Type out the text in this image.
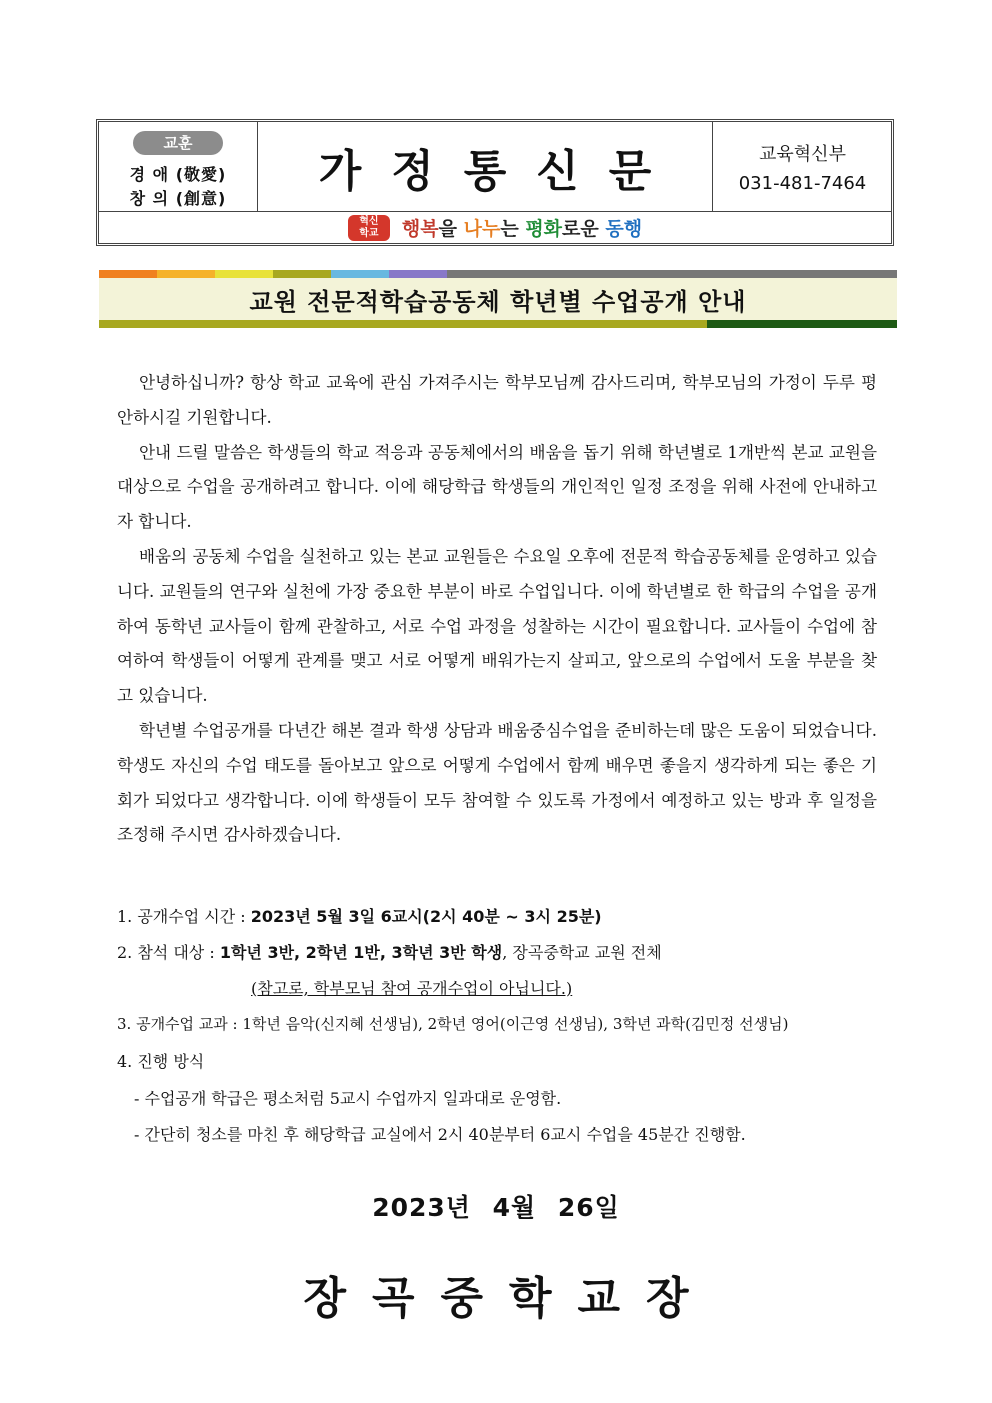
교훈
경 애 (敬愛)
창 의 (創意)
가정통신문	교육혁신부
031-481-7464
혁신
학교	행복을 나누는 평화로운 동행
교원 전문적학습공동체 학년별 수업공개 안내

안녕하십니까? 항상 학교 교육에 관심 가져주시는 학부모님께 감사드리며, 학부모님의 가정이 두루 평안하시길 기원합니다.

안내 드릴 말씀은 학생들의 학교 적응과 공동체에서의 배움을 돕기 위해 학년별로 1개반씩 본교 교원을 대상으로 수업을 공개하려고 합니다. 이에 해당학급 학생들의 개인적인 일정 조정을 위해 사전에 안내하고자 합니다.

배움의 공동체 수업을 실천하고 있는 본교 교원들은 수요일 오후에 전문적 학습공동체를 운영하고 있습니다. 교원들의 연구와 실천에 가장 중요한 부분이 바로 수업입니다. 이에 학년별로 한 학급의 수업을 공개하여 동학년 교사들이 함께 관찰하고, 서로 수업 과정을 성찰하는 시간이 필요합니다. 교사들이 수업에 참여하여 학생들이 어떻게 관계를 맺고 서로 어떻게 배워가는지 살피고, 앞으로의 수업에서 도울 부분을 찾고 있습니다.

학년별 수업공개를 다년간 해본 결과 학생 상담과 배움중심수업을 준비하는데 많은 도움이 되었습니다. 학생도 자신의 수업 태도를 돌아보고 앞으로 어떻게 수업에서 함께 배우면 좋을지 생각하게 되는 좋은 기회가 되었다고 생각합니다. 이에 학생들이 모두 참여할 수 있도록 가정에서 예정하고 있는 방과 후 일정을 조정해 주시면 감사하겠습니다.

1. 공개수업 시간 : 2023년 5월 3일 6교시(2시 40분 ~ 3시 25분)
2. 참석 대상 : 1학년 3반, 2학년 1반, 3학년 3반 학생, 장곡중학교 교원 전체
(참고로, 학부모님 참여 공개수업이 아닙니다.)
3. 공개수업 교과 : 1학년 음악(신지혜 선생님), 2학년 영어(이근영 선생님), 3학년 과학(김민정 선생님)
4. 진행 방식
- 수업공개 학급은 평소처럼 5교시 수업까지 일과대로 운영함.
- 간단히 청소를 마친 후 해당학급 교실에서 2시 40분부터 6교시 수업을 45분간 진행함.
2023년 4월 26일
장곡중학교장
